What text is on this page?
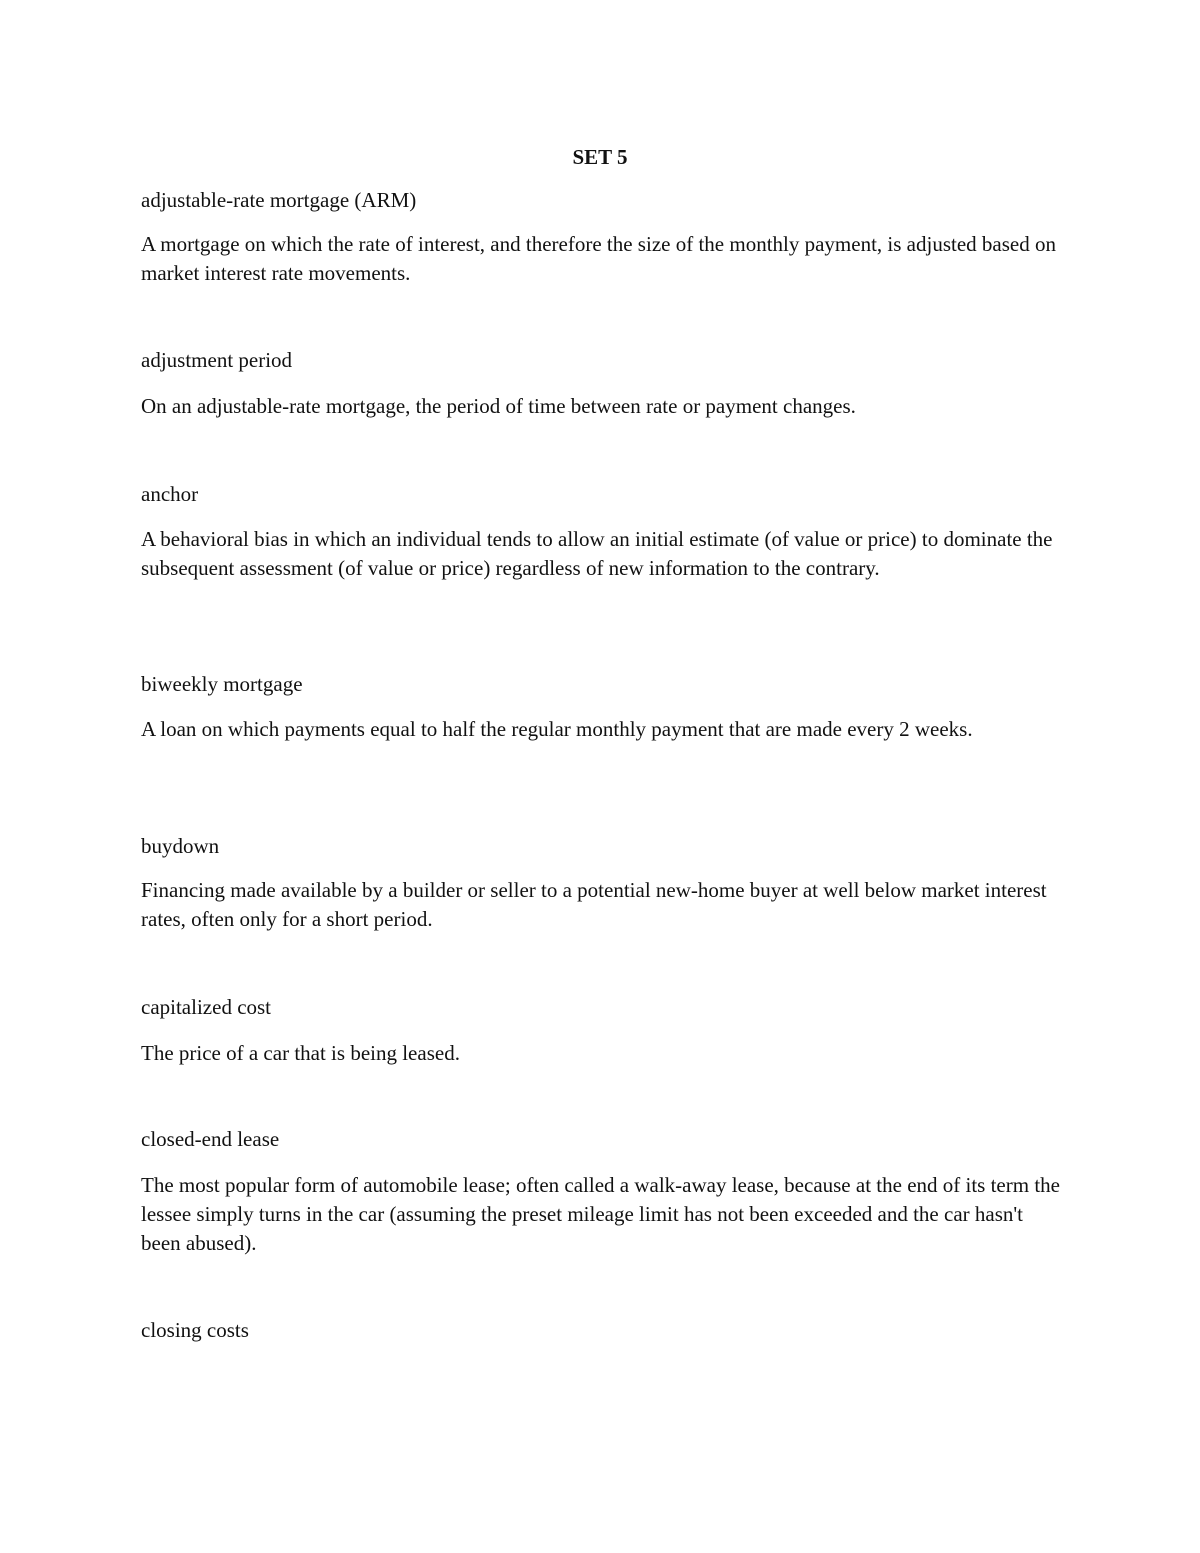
SET 5

adjustable-rate mortgage (ARM)

A mortgage on which the rate of interest, and therefore the size of the monthly payment, is adjusted based on market interest rate movements.

adjustment period

On an adjustable-rate mortgage, the period of time between rate or payment changes.

anchor

A behavioral bias in which an individual tends to allow an initial estimate (of value or price) to dominate the subsequent assessment (of value or price) regardless of new information to the contrary.

biweekly mortgage

A loan on which payments equal to half the regular monthly payment that are made every 2 weeks.

buydown

Financing made available by a builder or seller to a potential new-home buyer at well below market interest rates, often only for a short period.

capitalized cost

The price of a car that is being leased.

closed-end lease

The most popular form of automobile lease; often called a walk-away lease, because at the end of its term the lessee simply turns in the car (assuming the preset mileage limit has not been exceeded and the car hasn't been abused).

closing costs
